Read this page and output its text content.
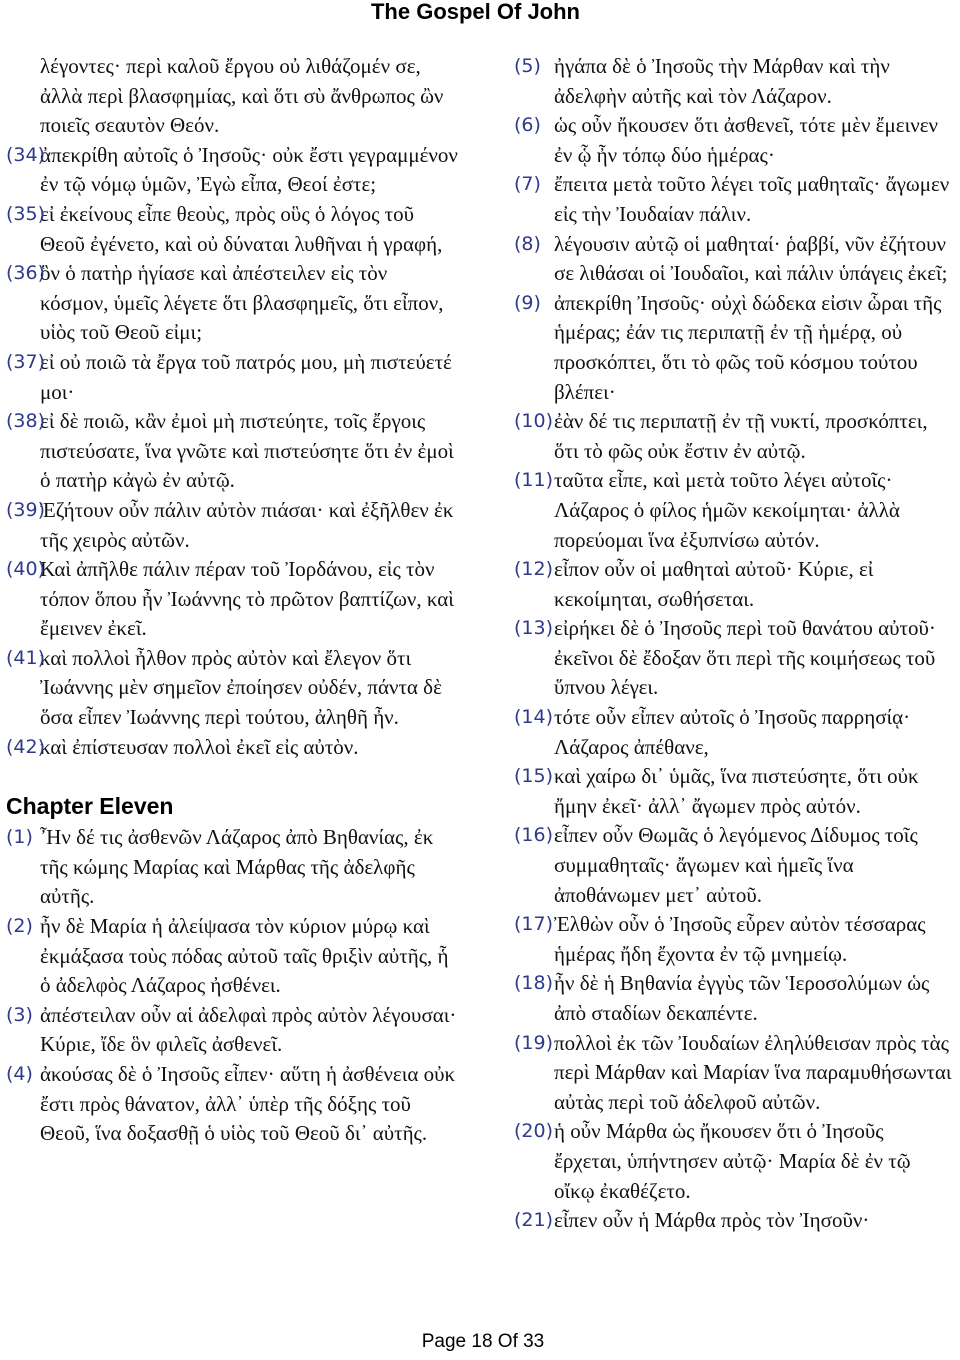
The Gospel Of John
λέγοντες· περὶ καλοῦ ἔργου οὐ λιθάζομέν σε, ἀλλὰ περὶ βλασφημίας, καὶ ὅτι σὺ ἄνθρωπος ὢν ποιεῖς σεαυτὸν Θεόν.
(34)
ἀπεκρίθη αὐτοῖς ὁ Ἰησοῦς· οὐκ ἔστι γεγραμμένον ἐν τῷ νόμῳ ὑμῶν, Ἐγὼ εἶπα, Θεοί ἐστε;
(35)
εἰ ἐκείνους εἶπε θεοὺς, πρὸς οὓς ὁ λόγος τοῦ Θεοῦ ἐγένετο, καὶ οὐ δύναται λυθῆναι ἡ γραφή,
(36)
ὃν ὁ πατὴρ ἡγίασε καὶ ἀπέστειλεν εἰς τὸν κόσμον, ὑμεῖς λέγετε ὅτι βλασφημεῖς, ὅτι εἶπον, υἱὸς τοῦ Θεοῦ εἰμι;
(37)
εἰ οὐ ποιῶ τὰ ἔργα τοῦ πατρός μου, μὴ πιστεύετέ μοι·
(38)
εἰ δὲ ποιῶ, κἂν ἐμοὶ μὴ πιστεύητε, τοῖς ἔργοις πιστεύσατε, ἵνα γνῶτε καὶ πιστεύσητε ὅτι ἐν ἐμοὶ ὁ πατὴρ κἀγὼ ἐν αὐτῷ.
(39)
Ἐζήτουν οὖν πάλιν αὐτὸν πιάσαι· καὶ ἐξῆλθεν ἐκ τῆς χειρὸς αὐτῶν.
(40)
Καὶ ἀπῆλθε πάλιν πέραν τοῦ Ἰορδάνου, εἰς τὸν τόπον ὅπου ἦν Ἰωάννης τὸ πρῶτον βαπτίζων, καὶ ἔμεινεν ἐκεῖ.
(41)
καὶ πολλοὶ ἦλθον πρὸς αὐτὸν καὶ ἔλεγον ὅτι Ἰωάννης μὲν σημεῖον ἐποίησεν οὐδέν, πάντα δὲ ὅσα εἶπεν Ἰωάννης περὶ τούτου, ἀληθῆ ἦν.
(42)
καὶ ἐπίστευσαν πολλοὶ ἐκεῖ εἰς αὐτὸν.
Chapter Eleven
(1) Ἦν δέ τις ἀσθενῶν Λάζαρος ἀπὸ Βηθανίας, ἐκ τῆς κώμης Μαρίας καὶ Μάρθας τῆς ἀδελφῆς αὐτῆς.
(2) ἦν δὲ Μαρία ἡ ἀλείψασα τὸν κύριον μύρῳ καὶ ἐκμάξασα τοὺς πόδας αὐτοῦ ταῖς θριξὶν αὐτῆς, ἧ ὁ ἀδελφὸς Λάζαρος ἠσθένει.
(3) ἀπέστειλαν οὖν αἱ ἀδελφαὶ πρὸς αὐτὸν λέγουσαι· Κύριε, ἴδε ὃν φιλεῖς ἀσθενεῖ.
(4) ἀκούσας δὲ ὁ Ἰησοῦς εἶπεν· αὕτη ἡ ἀσθένεια οὐκ ἔστι πρὸς θάνατον, ἀλλ᾽ ὑπὲρ τῆς δόξης τοῦ Θεοῦ, ἵνα δοξασθῇ ὁ υἱὸς τοῦ Θεοῦ δι᾽ αὐτῆς.
(5) ἠγάπα δὲ ὁ Ἰησοῦς τὴν Μάρθαν καὶ τὴν ἀδελφὴν αὐτῆς καὶ τὸν Λάζαρον.
(6) ὡς οὖν ἤκουσεν ὅτι ἀσθενεῖ, τότε μὲν ἔμεινεν ἐν ᾧ ἦν τόπῳ δύο ἡμέρας·
(7) ἔπειτα μετὰ τοῦτο λέγει τοῖς μαθηταῖς· ἄγωμεν εἰς τὴν Ἰουδαίαν πάλιν.
(8) λέγουσιν αὐτῷ οἱ μαθηταί· ῥαββί, νῦν ἐζήτουν σε λιθάσαι οἱ Ἰουδαῖοι, καὶ πάλιν ὑπάγεις ἐκεῖ;
(9) ἀπεκρίθη Ἰησοῦς· οὐχὶ δώδεκα εἰσιν ὧραι τῆς ἡμέρας; ἐάν τις περιπατῇ ἐν τῇ ἡμέρᾳ, οὐ προσκόπτει, ὅτι τὸ φῶς τοῦ κόσμου τούτου βλέπει·
(10)
ἐὰν δέ τις περιπατῇ ἐν τῇ νυκτί, προσκόπτει, ὅτι τὸ φῶς οὐκ ἔστιν ἐν αὐτῷ.
(11)
ταῦτα εἶπε, καὶ μετὰ τοῦτο λέγει αὐτοῖς· Λάζαρος ὁ φίλος ἡμῶν κεκοίμηται· ἀλλὰ πορεύομαι ἵνα ἐξυπνίσω αὐτόν.
(12)
εἶπον οὖν οἱ μαθηταὶ αὐτοῦ· Κύριε, εἰ κεκοίμηται, σωθήσεται.
(13)
εἰρήκει δὲ ὁ Ἰησοῦς περὶ τοῦ θανάτου αὐτοῦ· ἐκεῖνοι δὲ ἔδοξαν ὅτι περὶ τῆς κοιμήσεως τοῦ ὕπνου λέγει.
(14)
τότε οὖν εἶπεν αὐτοῖς ὁ Ἰησοῦς παρρησίᾳ· Λάζαρος ἀπέθανε,
(15)
καὶ χαίρω δι᾽ ὑμᾶς, ἵνα πιστεύσητε, ὅτι οὐκ ἤμην ἐκεῖ· ἀλλ᾽ ἄγωμεν πρὸς αὐτόν.
(16)
εἶπεν οὖν Θωμᾶς ὁ λεγόμενος Δίδυμος τοῖς συμμαθηταῖς· ἄγωμεν καὶ ἡμεῖς ἵνα ἀποθάνωμεν μετ᾽ αὐτοῦ.
(17)
Ἐλθὼν οὖν ὁ Ἰησοῦς εὗρεν αὐτὸν τέσσαρας ἡμέρας ἤδη ἔχοντα ἐν τῷ μνημείῳ.
(18)
ἦν δὲ ἡ Βηθανία ἐγγὺς τῶν Ἱεροσολύμων ὡς ἀπὸ σταδίων δεκαπέντε.
(19)
πολλοὶ ἐκ τῶν Ἰουδαίων ἐληλύθεισαν πρὸς τὰς περὶ Μάρθαν καὶ Μαρίαν ἵνα παραμυθήσωνται αὐτὰς περὶ τοῦ ἀδελφοῦ αὐτῶν.
(20)
ἡ οὖν Μάρθα ὡς ἤκουσεν ὅτι ὁ Ἰησοῦς ἔρχεται, ὑπήντησεν αὐτῷ· Μαρία δὲ ἐν τῷ οἴκῳ ἐκαθέζετο.
(21)
εἶπεν οὖν ἡ Μάρθα πρὸς τὸν Ἰησοῦν·
Page 18 Of 33
